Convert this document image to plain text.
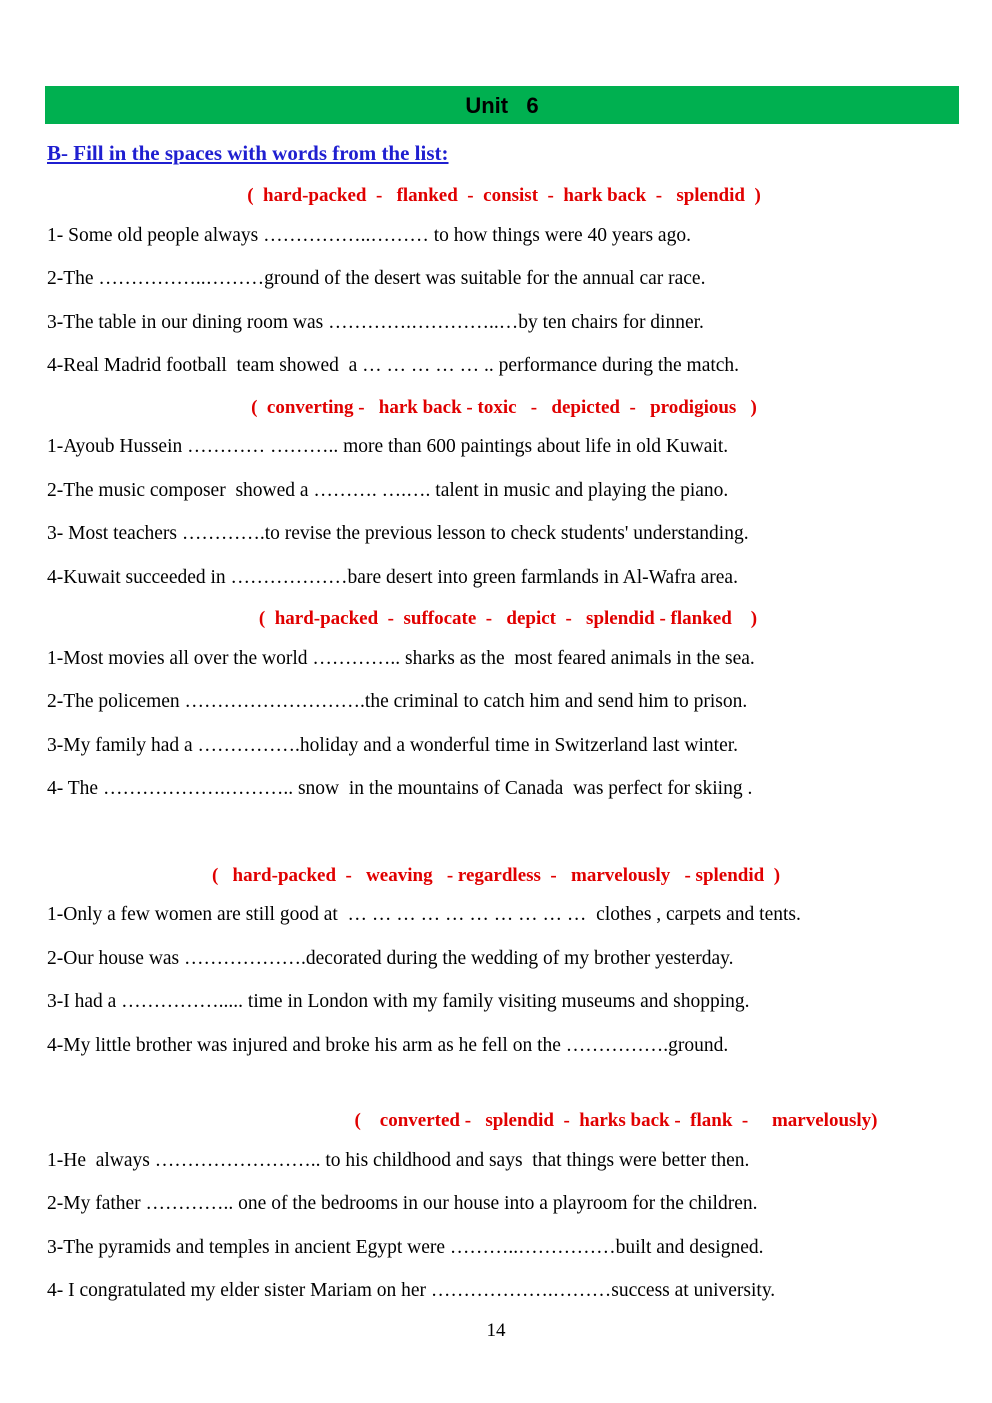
Unit   6
B- Fill in the spaces with words from the list:
(  hard-packed  -   flanked  -  consist  -  hark back  -   splendid  )
1- Some old people always ……………..……… to how things were 40 years ago.
2-The ……………..………ground of the desert was suitable for the annual car race.
3-The table in our dining room was ………….…………..…by ten chairs for dinner.
4-Real Madrid football  team showed  a … … … … … .. performance during the match.
(  converting -   hark back - toxic   -   depicted  -   prodigious   )
1-Ayoub Hussein ………… ……….. more than 600 paintings about life in old Kuwait.
2-The music composer  showed a ………. ….…. talent in music and playing the piano.
3- Most teachers ………….to revise the previous lesson to check students' understanding.
4-Kuwait succeeded in ………………bare desert into green farmlands in Al-Wafra area.
(  hard-packed  -  suffocate  -   depict  -   splendid - flanked    )
1-Most movies all over the world ………….. sharks as the  most feared animals in the sea.
2-The policemen ……………………….the criminal to catch him and send him to prison.
3-My family had a …………….holiday and a wonderful time in Switzerland last winter.
4- The ……………….……….. snow  in the mountains of Canada  was perfect for skiing .
(   hard-packed  -   weaving   - regardless  -   marvelously   - splendid  )
1-Only a few women are still good at  … … … … … … … … … …  clothes , carpets and tents.
2-Our house was ……………….decorated during the wedding of my brother yesterday.
3-I had a ……………..... time in London with my family visiting museums and shopping.
4-My little brother was injured and broke his arm as he fell on the …………….ground.
(    converted -   splendid  -  harks back -  flank  -     marvelously)
1-He  always …………………….. to his childhood and says  that things were better then.
2-My father ………….. one of the bedrooms in our house into a playroom for the children.
3-The pyramids and temples in ancient Egypt were ………..……………built and designed.
4- I congratulated my elder sister Mariam on her ……………….………success at university.
14
